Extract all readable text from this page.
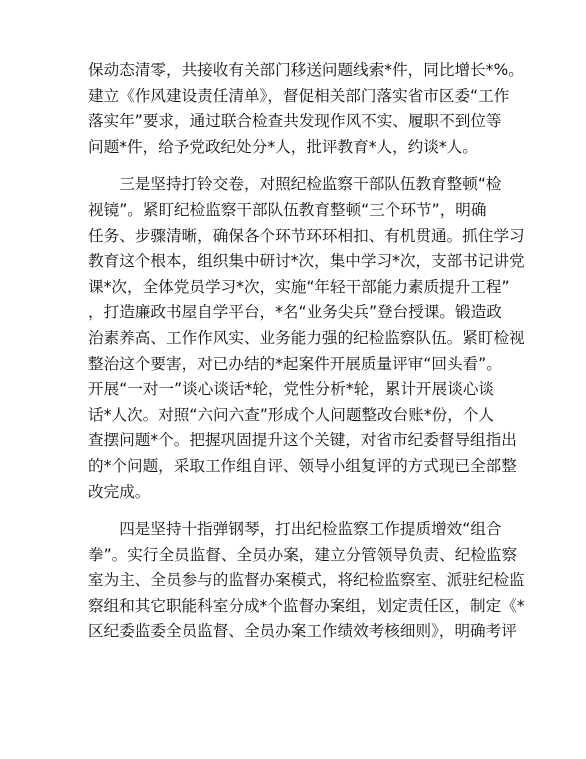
保动态清零，共接收有关部门移送问题线索*件，同比增长*%。
建立《作风建设责任清单》，督促相关部门落实省市区委“工作
落实年”要求，通过联合检查共发现作风不实、履职不到位等
问题*件，给予党政纪处分*人，批评教育*人，约谈*人。
三是坚持打铃交卷，对照纪检监察干部队伍教育整顿“检
视镜”。紧盯纪检监察干部队伍教育整顿“三个环节”，明确
任务、步骤清晰，确保各个环节环环相扣、有机贯通。抓住学习
教育这个根本，组织集中研讨*次，集中学习*次，支部书记讲党
课*次，全体党员学习*次，实施“年轻干部能力素质提升工程”
，打造廉政书屋自学平台，*名“业务尖兵”登台授课。锻造政
治素养高、工作作风实、业务能力强的纪检监察队伍。紧盯检视
整治这个要害，对已办结的*起案件开展质量评审“回头看”。
开展“一对一”谈心谈话*轮，党性分析*轮，累计开展谈心谈
话*人次。对照“六问六查”形成个人问题整改台账*份，个人
查摆问题*个。把握巩固提升这个关键，对省市纪委督导组指出
的*个问题，采取工作组自评、领导小组复评的方式现已全部整
改完成。
四是坚持十指弹钢琴，打出纪检监察工作提质增效“组合
拳”。实行全员监督、全员办案，建立分管领导负责、纪检监察
室为主、全员参与的监督办案模式，将纪检监察室、派驻纪检监
察组和其它职能科室分成*个监督办案组，划定责任区，制定《*
区纪委监委全员监督、全员办案工作绩效考核细则》，明确考评
